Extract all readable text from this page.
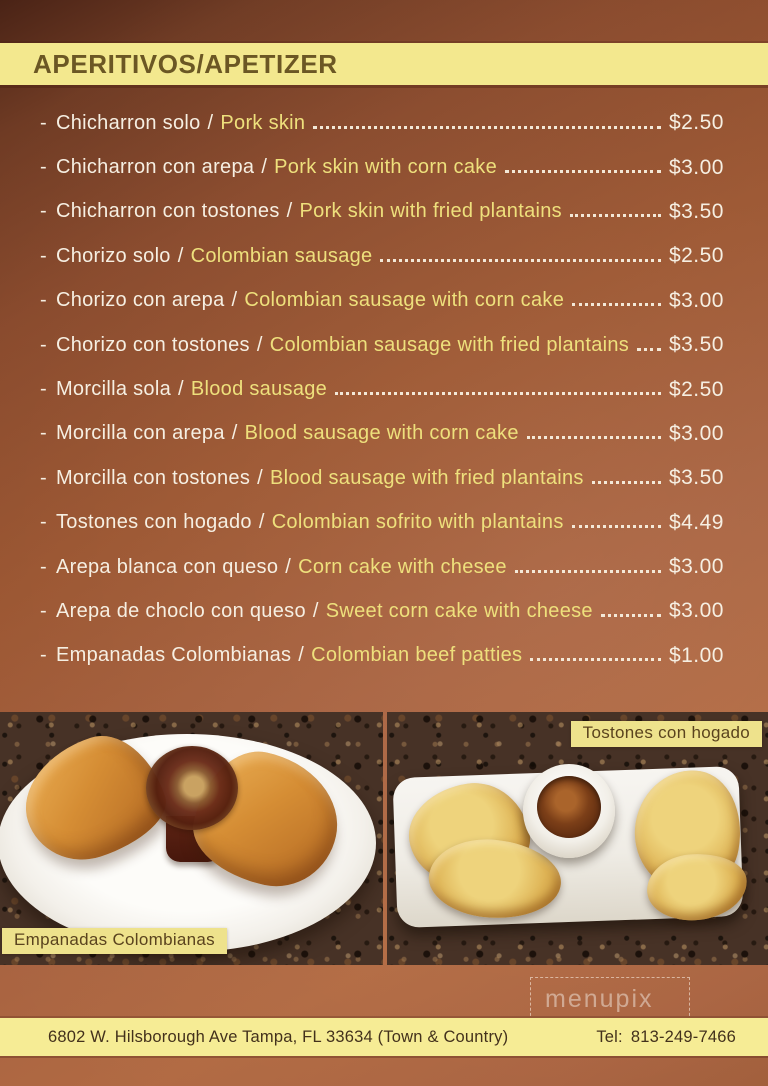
APERITIVOS/APETIZER
- Chicharron solo / Pork skin	$2.50
- Chicharron con arepa / Pork skin with corn cake	$3.00
- Chicharron con tostones / Pork skin with fried plantains	$3.50
- Chorizo solo / Colombian sausage	$2.50
- Chorizo con arepa / Colombian sausage with corn cake	$3.00
- Chorizo con tostones / Colombian sausage with fried plantains $3.50
- Morcilla sola / Blood sausage	$2.50
- Morcilla con arepa / Blood sausage with corn cake	$3.00
- Morcilla con tostones / Blood sausage with fried plantains	$3.50
- Tostones con hogado / Colombian sofrito with plantains	$4.49
- Arepa blanca con queso / Corn cake with chesee	$3.00
- Arepa de choclo con queso / Sweet corn cake with cheese	$3.00
- Empanadas Colombianas / Colombian beef patties	$1.00
Empanadas Colombianas
Tostones con hogado
menupix
6802 W. Hilsborough Ave Tampa, FL 33634 (Town & Country)	Tel: 813-249-7466
